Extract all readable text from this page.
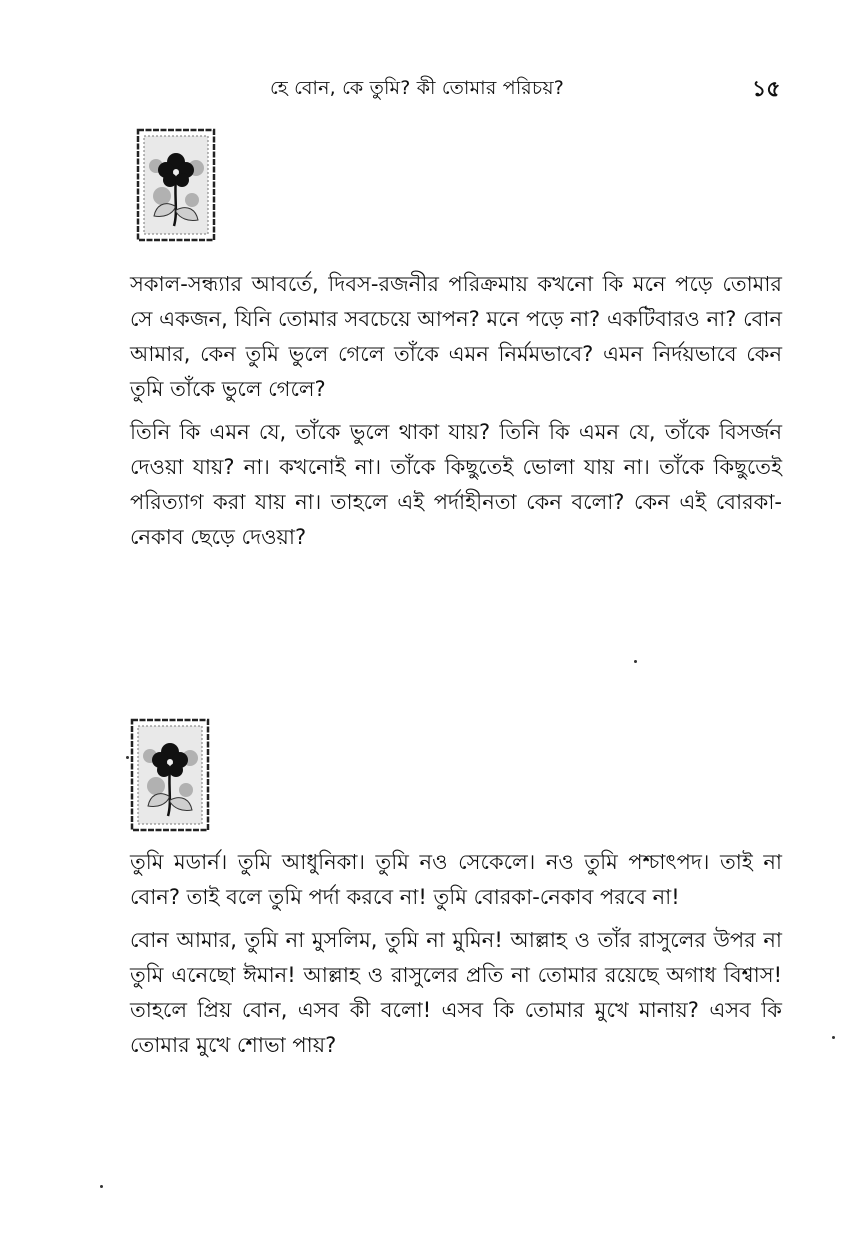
হে বোন, কে তুমি? কী তোমার পরিচয়?	১৫

সকাল-সন্ধ্যার আবর্তে, দিবস-রজনীর পরিক্রমায় কখনো কি মনে পড়ে তোমার সে একজন, যিনি তোমার সবচেয়ে আপন? মনে পড়ে না? একটিবারও না? বোন আমার, কেন তুমি ভুলে গেলে তাঁকে এমন নির্মমভাবে? এমন নির্দয়ভাবে কেন তুমি তাঁকে ভুলে গেলে?

তিনি কি এমন যে, তাঁকে ভুলে থাকা যায়? তিনি কি এমন যে, তাঁকে বিসর্জন দেওয়া যায়? না। কখনোই না। তাঁকে কিছুতেই ভোলা যায় না। তাঁকে কিছুতেই পরিত্যাগ করা যায় না। তাহলে এই পর্দাহীনতা কেন বলো? কেন এই বোরকা-নেকাব ছেড়ে দেওয়া?

তুমি মডার্ন। তুমি আধুনিকা। তুমি নও সেকেলে। নও তুমি পশ্চাৎপদ। তাই না বোন? তাই বলে তুমি পর্দা করবে না! তুমি বোরকা-নেকাব পরবে না!

বোন আমার, তুমি না মুসলিম, তুমি না মুমিন! আল্লাহ ও তাঁর রাসুলের উপর না তুমি এনেছো ঈমান! আল্লাহ ও রাসুলের প্রতি না তোমার রয়েছে অগাধ বিশ্বাস! তাহলে প্রিয় বোন, এসব কী বলো! এসব কি তোমার মুখে মানায়? এসব কি তোমার মুখে শোভা পায়?
